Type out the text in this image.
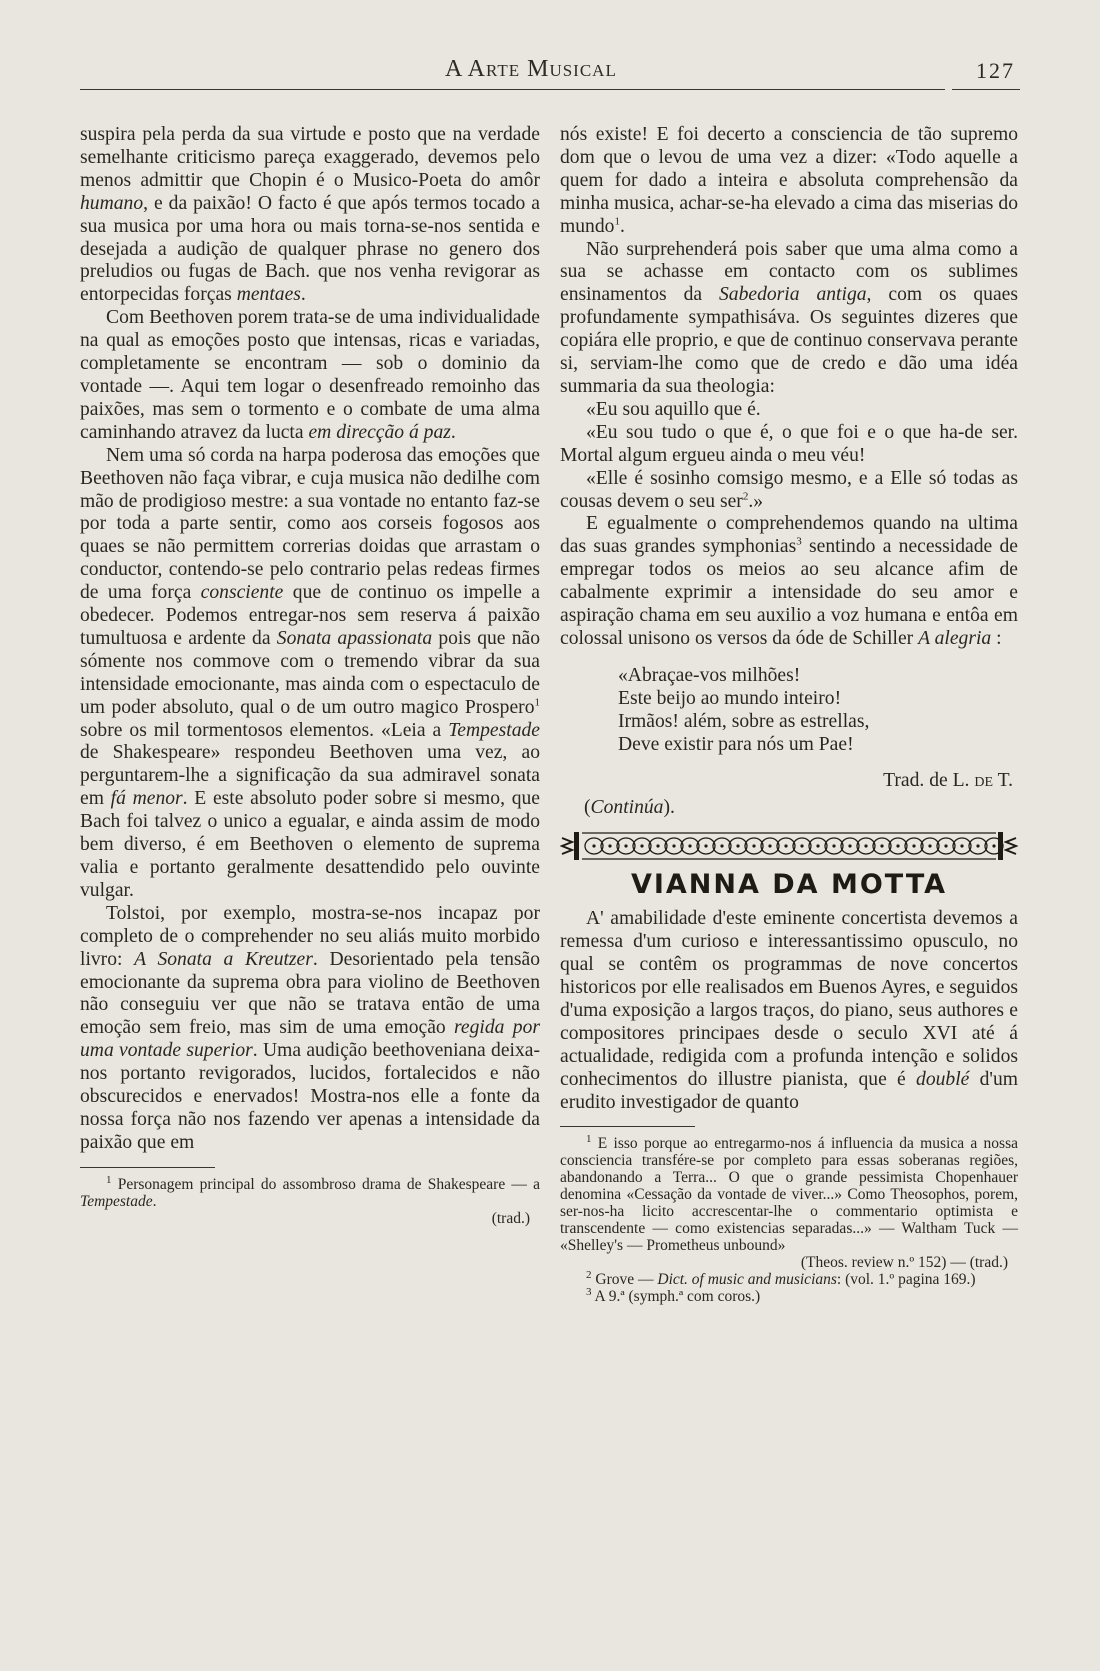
A Arte Musical	127

suspira pela perda da sua virtude e posto que na verdade semelhante criticismo pareça exaggerado, devemos pelo menos admittir que Chopin é o Musico-Poeta do amôr humano, e da paixão! O facto é que após termos tocado a sua musica por uma hora ou mais torna-se-nos sentida e desejada a audição de qualquer phrase no genero dos preludios ou fugas de Bach. que nos venha revigorar as entorpecidas forças mentaes.

Com Beethoven porem trata-se de uma individualidade na qual as emoções posto que intensas, ricas e variadas, completamente se encontram — sob o dominio da vontade —. Aqui tem logar o desenfreado remoinho das paixões, mas sem o tormento e o combate de uma alma caminhando atravez da lucta em direcção á paz.

Nem uma só corda na harpa poderosa das emoções que Beethoven não faça vibrar, e cuja musica não dedilhe com mão de prodigioso mestre: a sua vontade no entanto faz-se por toda a parte sentir, como aos corseis fogosos aos quaes se não permittem correrias doidas que arrastam o conductor, contendo-se pelo contrario pelas redeas firmes de uma força consciente que de continuo os impelle a obedecer. Podemos entregar-nos sem reserva á paixão tumultuosa e ardente da Sonata apassionata pois que não sómente nos commove com o tremendo vibrar da sua intensidade emocionante, mas ainda com o espectaculo de um poder absoluto, qual o de um outro magico Prospero$^1$ sobre os mil tormentosos elementos. «Leia a Tempestade de Shakespeare» respondeu Beethoven uma vez, ao perguntarem-lhe a significação da sua admiravel sonata em fá menor. E este absoluto poder sobre si mesmo, que Bach foi talvez o unico a egualar, e ainda assim de modo bem diverso, é em Beethoven o elemento de suprema valia e portanto geralmente desattendido pelo ouvinte vulgar.

Tolstoi, por exemplo, mostra-se-nos incapaz por completo de o comprehender no seu aliás muito morbido livro: A Sonata a Kreutzer. Desorientado pela tensão emocionante da suprema obra para violino de Beethoven não conseguiu ver que não se tratava então de uma emoção sem freio, mas sim de uma emoção regida por uma vontade superior. Uma audição beethoveniana deixa-nos portanto revigorados, lucidos, fortalecidos e não obscurecidos e enervados! Mostra-nos elle a fonte da nossa força não nos fazendo ver apenas a intensidade da paixão que em

$^1$ Personagem principal do assombroso drama de Shakespeare — a Tempestade.

(trad.)

nós existe! E foi decerto a consciencia de tão supremo dom que o levou de uma vez a dizer: «Todo aquelle a quem for dado a inteira e absoluta comprehensão da minha musica, achar-se-ha elevado a cima das miserias do mundo$^1$.

Não surprehenderá pois saber que uma alma como a sua se achasse em contacto com os sublimes ensinamentos da Sabedoria antiga, com os quaes profundamente sympathisáva. Os seguintes dizeres que copiára elle proprio, e que de continuo conservava perante si, serviam-lhe como que de credo e dão uma idéa summaria da sua theologia:

«Eu sou aquillo que é.

«Eu sou tudo o que é, o que foi e o que ha-de ser. Mortal algum ergueu ainda o meu véu!

«Elle é sosinho comsigo mesmo, e a Elle só todas as cousas devem o seu ser$^2$.»

E egualmente o comprehendemos quando na ultima das suas grandes symphonias$^3$ sentindo a necessidade de empregar todos os meios ao seu alcance afim de cabalmente exprimir a intensidade do seu amor e aspiração chama em seu auxilio a voz humana e entôa em colossal unisono os versos da óde de Schiller A alegria :

«Abraçae-vos milhões!
Este beijo ao mundo inteiro!
Irmãos! além, sobre as estrellas,
Deve existir para nós um Pae!
Trad. de L. de T.
(Continúa).
VIANNA DA MOTTA

A' amabilidade d'este eminente concertista devemos a remessa d'um curioso e interessantissimo opusculo, no qual se contêm os programmas de nove concertos historicos por elle realisados em Buenos Ayres, e seguidos d'uma exposição a largos traços, do piano, seus authores e compositores principaes desde o seculo XVI até á actualidade, redigida com a profunda intenção e solidos conhecimentos do illustre pianista, que é doublé d'um erudito investigador de quanto

$^1$ E isso porque ao entregarmo-nos á influencia da musica a nossa consciencia transfére-se por completo para essas soberanas regiões, abandonando a Terra... O que o grande pessimista Chopenhauer denomina «Cessação da vontade de viver...» Como Theosophos, porem, ser-nos-ha licito accrescentar-lhe o commentario optimista e transcendente — como existencias separadas...» — Waltham Tuck — «Shelley's — Prometheus unbound»

(Theos. review n.º 152) — (trad.)

$^2$ Grove — Dict. of music and musicians: (vol. 1.º pagina 169.)

$^3$ A 9.ª (symph.ª com coros.)
